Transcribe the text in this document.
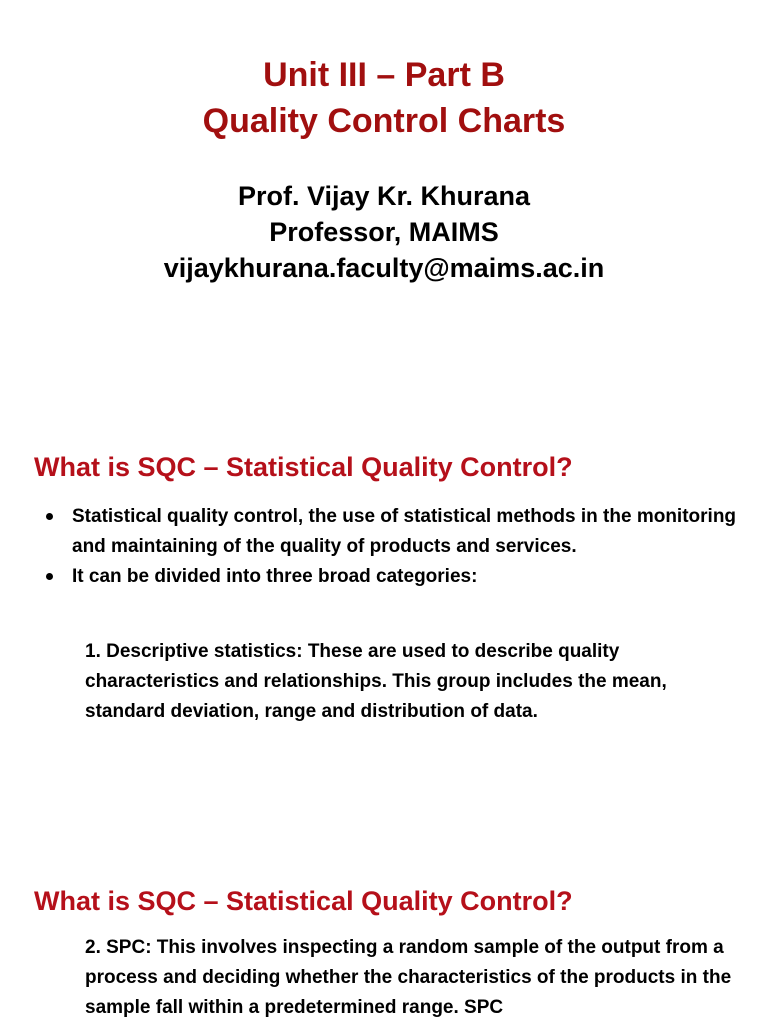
Unit III – Part B
Quality Control Charts
Prof. Vijay Kr. Khurana
Professor, MAIMS
vijaykhurana.faculty@maims.ac.in
What is SQC – Statistical Quality Control?
Statistical quality control, the use of statistical methods in the monitoring and maintaining of the quality of products and services.
It can be divided into three broad categories:

1. Descriptive statistics: These are used to describe quality characteristics and relationships. This group includes the mean, standard deviation, range and distribution of data.

What is SQC – Statistical Quality Control?

2. SPC: This involves inspecting a random sample of the output from a process and deciding whether the characteristics of the products in the sample fall within a predetermined range. SPC
